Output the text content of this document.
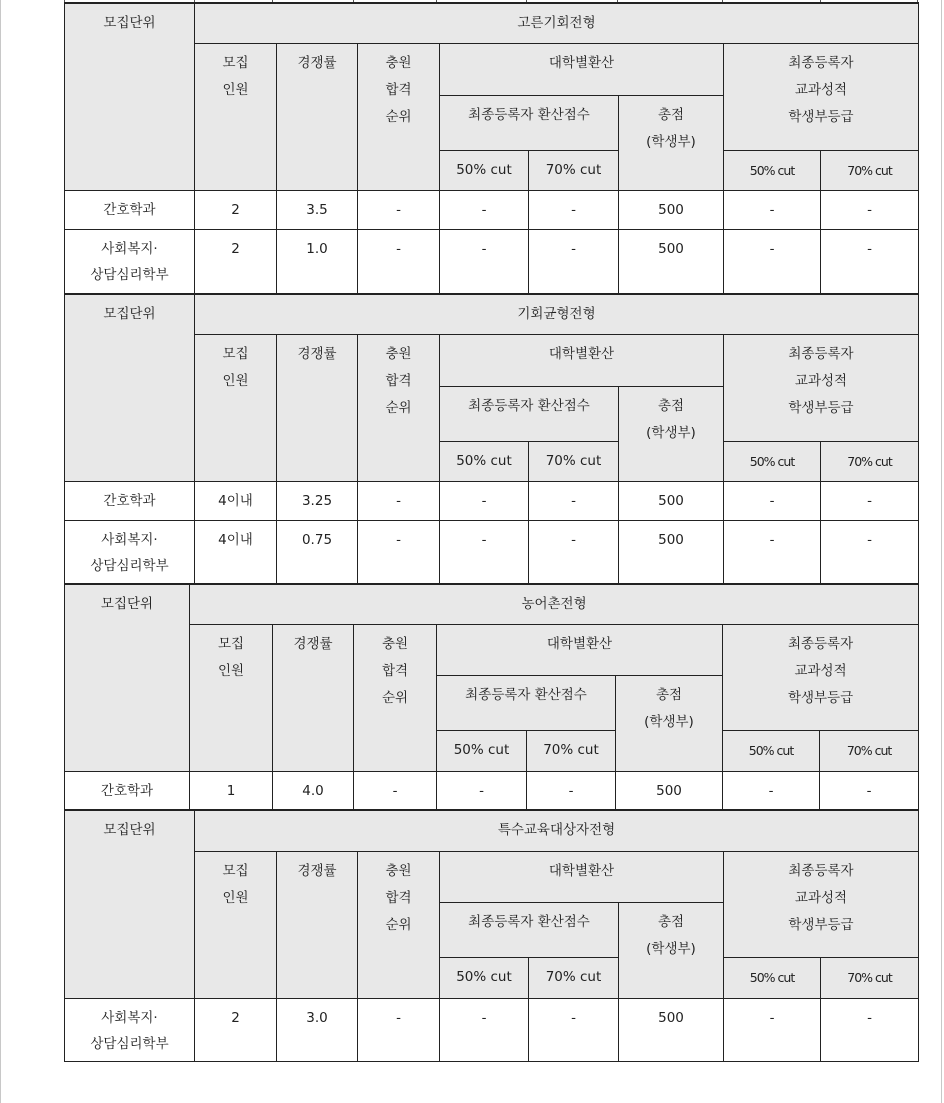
모집단위	고른기회전형							
	모집
인원	경쟁률	충원
합격
순위	대학별환산			최종등록자
교과성적
학생부등급	
				최종등록자 환산점수		총점
(학생부)		
				50% cut	70% cut		50% cut	70% cut
간호학과	2	3.5	-	-	-	500	-	-
사회복지·
상담심리학부	2	1.0	-	-	-	500	-	-
모집단위	기회균형전형							
	모집
인원	경쟁률	충원
합격
순위	대학별환산			최종등록자
교과성적
학생부등급	
				최종등록자 환산점수		총점
(학생부)		
				50% cut	70% cut		50% cut	70% cut
간호학과	4이내	3.25	-	-	-	500	-	-
사회복지·
상담심리학부	4이내	0.75	-	-	-	500	-	-
모집단위	농어촌전형							
	모집
인원	경쟁률	충원
합격
순위	대학별환산			최종등록자
교과성적
학생부등급	
				최종등록자 환산점수		총점
(학생부)		
				50% cut	70% cut		50% cut	70% cut
간호학과	1	4.0	-	-	-	500	-	-
모집단위	특수교육대상자전형							
	모집
인원	경쟁률	충원
합격
순위	대학별환산			최종등록자
교과성적
학생부등급	
				최종등록자 환산점수		총점
(학생부)		
				50% cut	70% cut		50% cut	70% cut
사회복지·
상담심리학부	2	3.0	-	-	-	500	-	-
